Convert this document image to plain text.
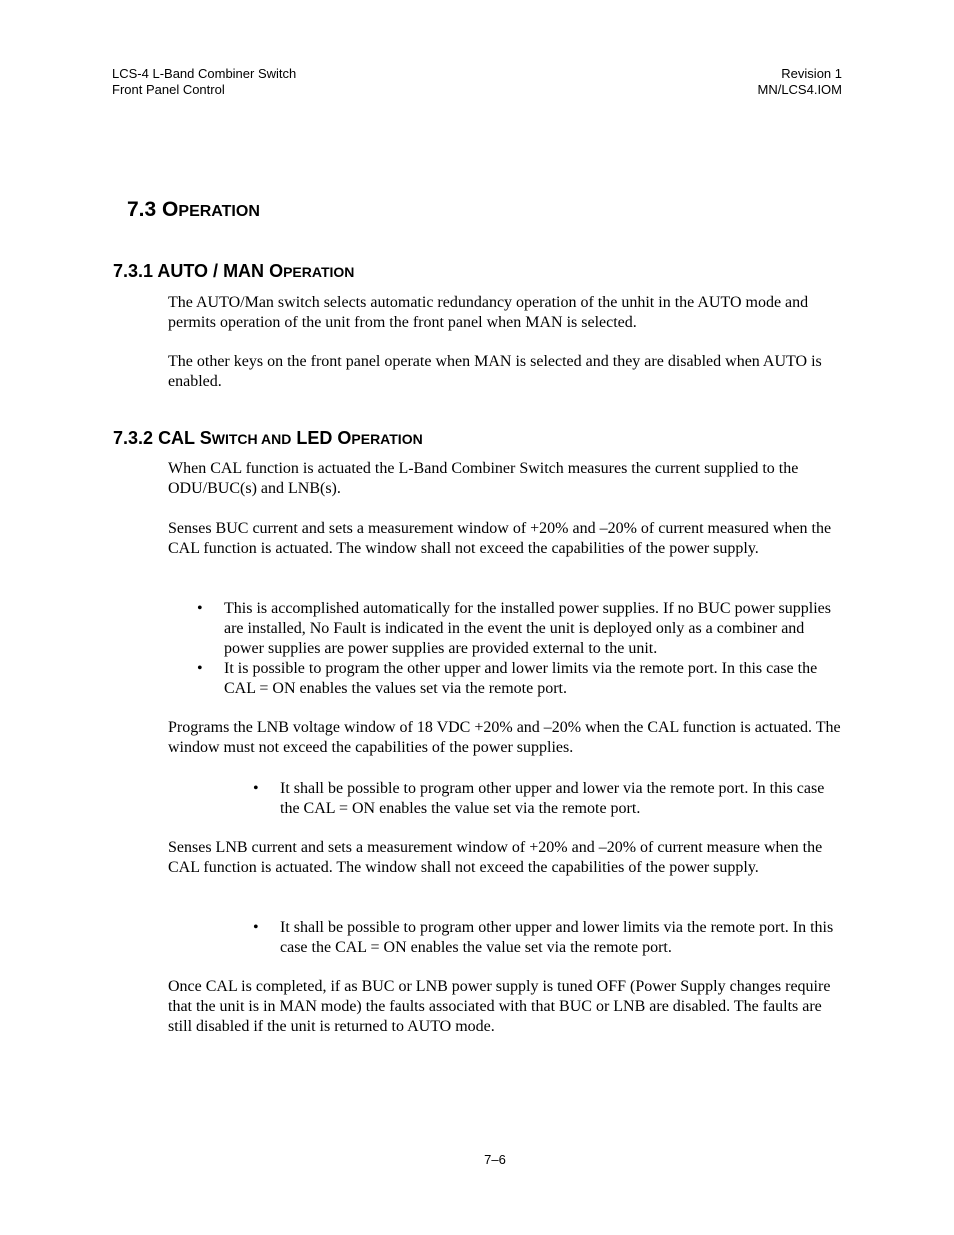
LCS-4 L-Band Combiner Switch
Front Panel Control
Revision 1
MN/LCS4.IOM
7.3 OPERATION
7.3.1 AUTO / MAN OPERATION

The AUTO/Man switch selects automatic redundancy operation of the unhit in the AUTO mode and permits operation of the unit from the front panel when MAN is selected.

The other keys on the front panel operate when MAN is selected and they are disabled when AUTO is enabled.

7.3.2 CAL SWITCH AND LED OPERATION

When CAL function is actuated the L-Band Combiner Switch measures the current supplied to the ODU/BUC(s) and LNB(s).

Senses BUC current and sets a measurement window of +20% and –20% of current measured when the CAL function is actuated. The window shall not exceed the capabilities of the power supply.

• This is accomplished automatically for the installed power supplies. If no BUC power supplies are installed, No Fault is indicated in the event the unit is deployed only as a combiner and power supplies are power supplies are provided external to the unit.

• It is possible to program the other upper and lower limits via the remote port. In this case the CAL = ON enables the values set via the remote port.

Programs the LNB voltage window of 18 VDC +20% and –20% when the CAL function is actuated. The window must not exceed the capabilities of the power supplies.

• It shall be possible to program other upper and lower via the remote port. In this case the CAL = ON enables the value set via the remote port.

Senses LNB current and sets a measurement window of +20% and –20% of current measure when the CAL function is actuated. The window shall not exceed the capabilities of the power supply.

• It shall be possible to program other upper and lower limits via the remote port. In this case the CAL = ON enables the value set via the remote port.

Once CAL is completed, if as BUC or LNB power supply is tuned OFF (Power Supply changes require that the unit is in MAN mode) the faults associated with that BUC or LNB are disabled. The faults are still disabled if the unit is returned to AUTO mode.

7–6
